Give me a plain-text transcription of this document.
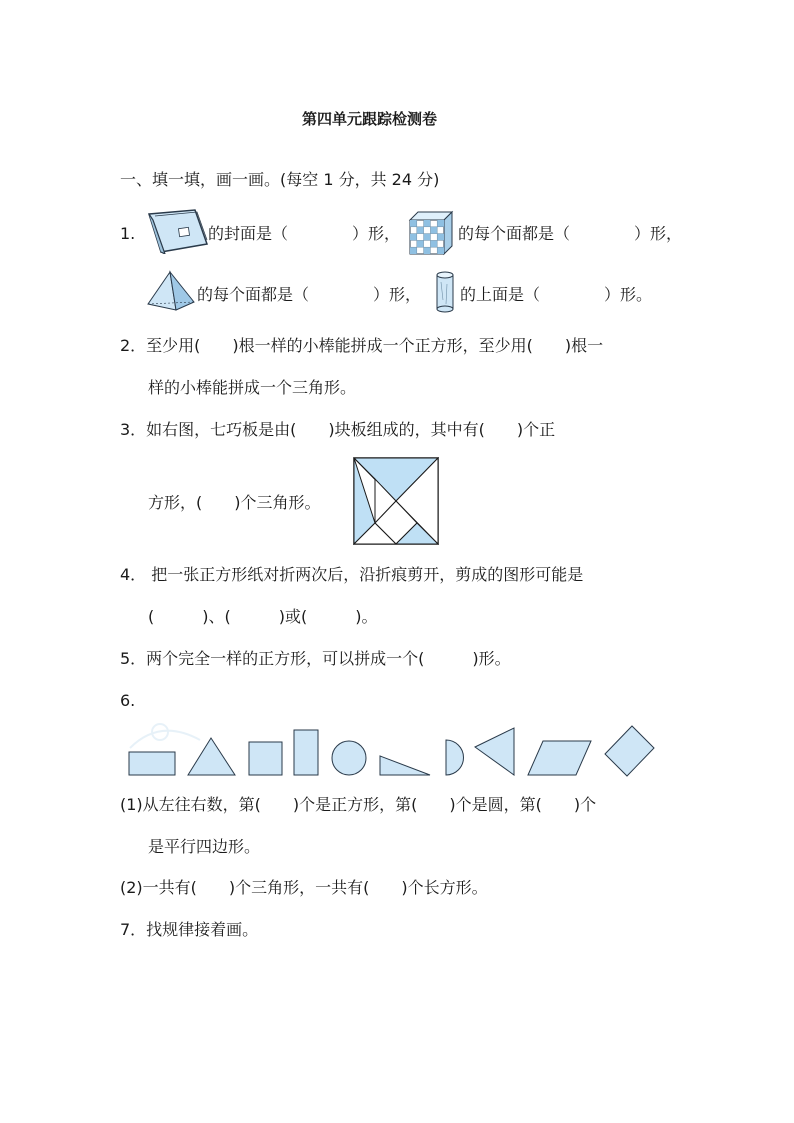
第四单元跟踪检测卷
一、填一填，画一画。(每空 1 分，共 24 分)
1.	的封面是（　　　　）形，	的每个面都是（　　　　）形，
的每个面都是（　　　　）形， 的上面是（　　　　）形。
2．至少用(　　)根一样的小棒能拼成一个正方形，至少用(　　)根一
样的小棒能拼成一个三角形。
3．如右图，七巧板是由(　　)块板组成的，其中有(　　)个正
方形，(　　)个三角形。
4． 把一张正方形纸对折两次后，沿折痕剪开，剪成的图形可能是
(　　　)、(　　　)或(　　　)。
5．两个完全一样的正方形，可以拼成一个(　　　)形。
6.
(1)从左往右数，第(　　)个是正方形，第(　　)个是圆，第(　　)个
是平行四边形。
(2)一共有(　　)个三角形，一共有(　　)个长方形。
7．找规律接着画。
